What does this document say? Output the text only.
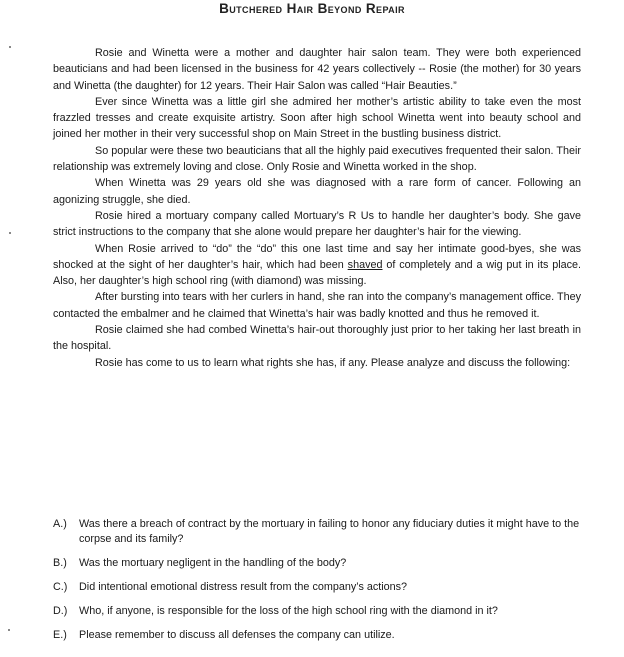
Butchered Hair Beyond Repair

Rosie and Winetta were a mother and daughter hair salon team. They were both experienced beauticians and had been licensed in the business for 42 years collectively -- Rosie (the mother) for 30 years and Winetta (the daughter) for 12 years. Their Hair Salon was called “Hair Beauties.”

Ever since Winetta was a little girl she admired her mother’s artistic ability to take even the most frazzled tresses and create exquisite artistry. Soon after high school Winetta went into beauty school and joined her mother in their very successful shop on Main Street in the bustling business district.

So popular were these two beauticians that all the highly paid executives frequented their salon. Their relationship was extremely loving and close. Only Rosie and Winetta worked in the shop.

When Winetta was 29 years old she was diagnosed with a rare form of cancer. Following an agonizing struggle, she died.

Rosie hired a mortuary company called Mortuary’s R Us to handle her daughter’s body. She gave strict instructions to the company that she alone would prepare her daughter’s hair for the viewing.

When Rosie arrived to “do” the “do” this one last time and say her intimate good-byes, she was shocked at the sight of her daughter’s hair, which had been shaved of completely and a wig put in its place. Also, her daughter’s high school ring (with diamond) was missing.

After bursting into tears with her curlers in hand, she ran into the company’s management office. They contacted the embalmer and he claimed that Winetta’s hair was badly knotted and thus he removed it.

Rosie claimed she had combed Winetta’s hair-out thoroughly just prior to her taking her last breath in the hospital.

Rosie has come to us to learn what rights she has, if any. Please analyze and discuss the following:

A.) Was there a breach of contract by the mortuary in failing to honor any fiduciary duties it might have to the corpse and its family?
B.) Was the mortuary negligent in the handling of the body?
C.) Did intentional emotional distress result from the company’s actions?
D.) Who, if anyone, is responsible for the loss of the high school ring with the diamond in it?
E.) Please remember to discuss all defenses the company can utilize.
